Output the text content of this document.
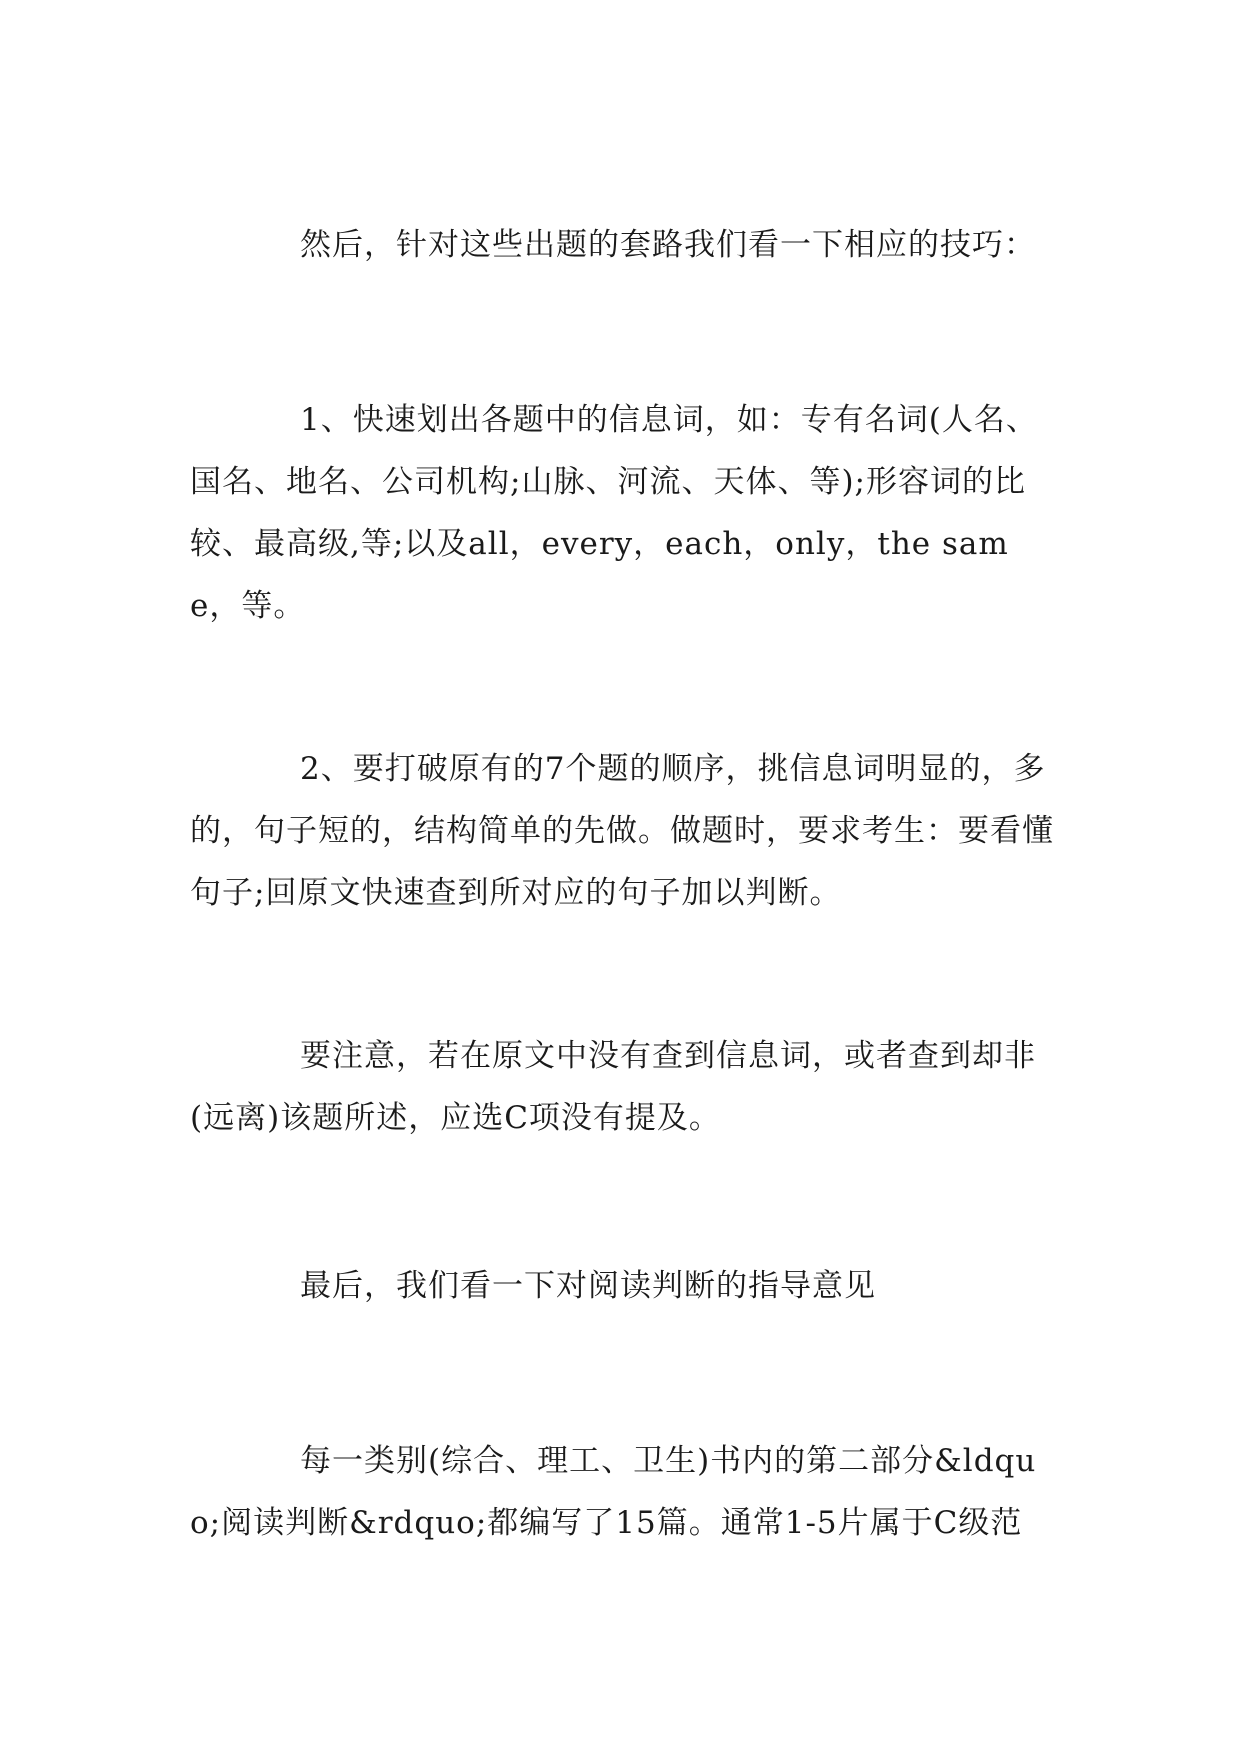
然后，针对这些出题的套路我们看一下相应的技巧：

1、快速划出各题中的信息词，如：专有名词(人名、国名、地名、公司机构;山脉、河流、天体、等);形容词的比较、最高级,等;以及all，every，each，only，the same，等。

2、要打破原有的7个题的顺序，挑信息词明显的，多的，句子短的，结构简单的先做。做题时，要求考生：要看懂句子;回原文快速查到所对应的句子加以判断。

要注意，若在原文中没有查到信息词，或者查到却非(远离)该题所述，应选C项没有提及。

最后，我们看一下对阅读判断的指导意见

每一类别(综合、理工、卫生)书内的第二部分&ldquo;阅读判断&rdquo;都编写了15篇。通常1-5片属于C级范
